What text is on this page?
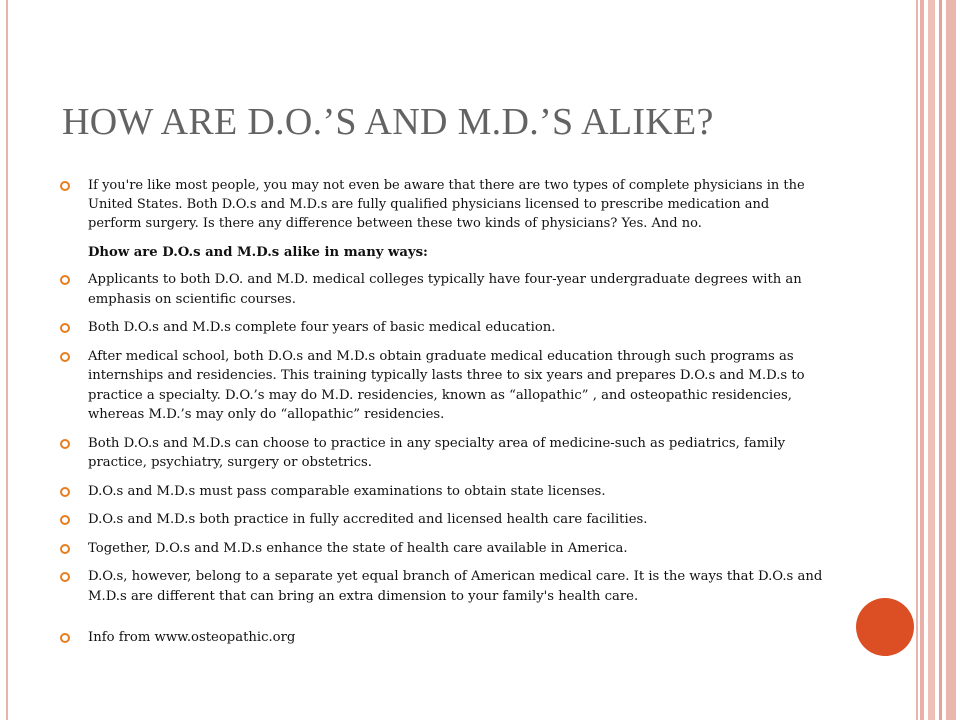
HOW ARE D.O.’S AND M.D.’S ALIKE?
If you're like most people, you may not even be aware that there are two types of complete physicians in the United States. Both D.O.s and M.D.s are fully qualified physicians licensed to prescribe medication and perform surgery. Is there any difference between these two kinds of physicians? Yes. And no.
Dhow are D.O.s and M.D.s alike in many ways:
Applicants to both D.O. and M.D. medical colleges typically have four-year undergraduate degrees with an emphasis on scientific courses.
Both D.O.s and M.D.s complete four years of basic medical education.
After medical school, both D.O.s and M.D.s obtain graduate medical education through such programs as internships and residencies. This training typically lasts three to six years and prepares D.O.s and M.D.s to practice a specialty. D.O.’s may do M.D. residencies, known as “allopathic” , and osteopathic residencies, whereas M.D.’s may only do “allopathic” residencies.
Both D.O.s and M.D.s can choose to practice in any specialty area of medicine-such as pediatrics, family practice, psychiatry, surgery or obstetrics.
D.O.s and M.D.s must pass comparable examinations to obtain state licenses.
D.O.s and M.D.s both practice in fully accredited and licensed health care facilities.
Together, D.O.s and M.D.s enhance the state of health care available in America.
D.O.s, however, belong to a separate yet equal branch of American medical care. It is the ways that D.O.s and M.D.s are different that can bring an extra dimension to your family's health care.
Info from www.osteopathic.org
